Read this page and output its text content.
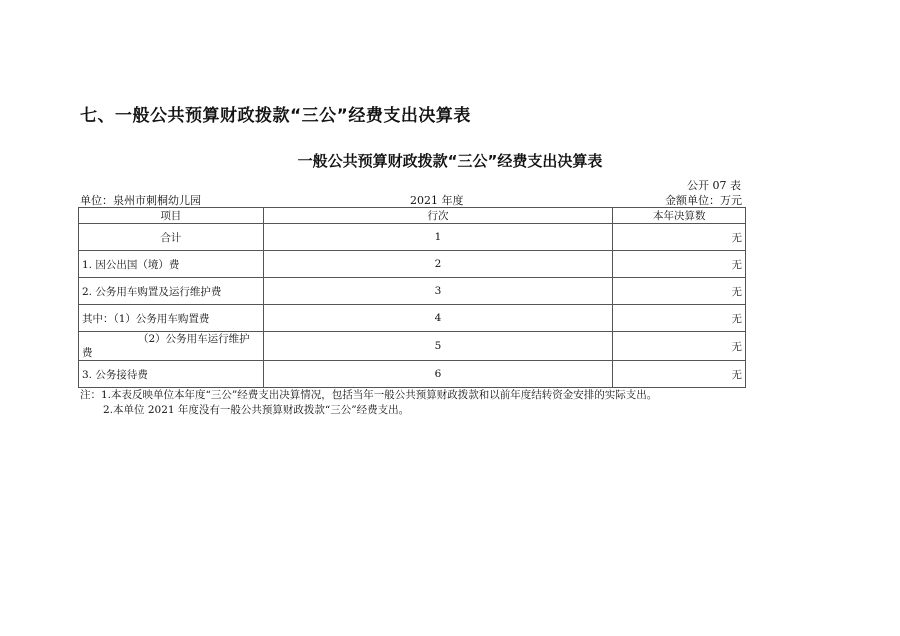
七、一般公共预算财政拨款“三公”经费支出决算表
一般公共预算财政拨款“三公”经费支出决算表
公开 07 表
单位：泉州市刺桐幼儿园	2021 年度	金额单位：万元
项目	行次	本年决算数
合计	1	无
1. 因公出国（境）费	2	无
2. 公务用车购置及运行维护费	3	无
其中：（1）公务用车购置费	4	无

（2）公务用车运行维护
费	5	无
3. 公务接待费	6	无
注：1.本表反映单位本年度“三公”经费支出决算情况，包括当年一般公共预算财政拨款和以前年度结转资金安排的实际支出。
2.本单位 2021 年度没有一般公共预算财政拨款“三公”经费支出。
